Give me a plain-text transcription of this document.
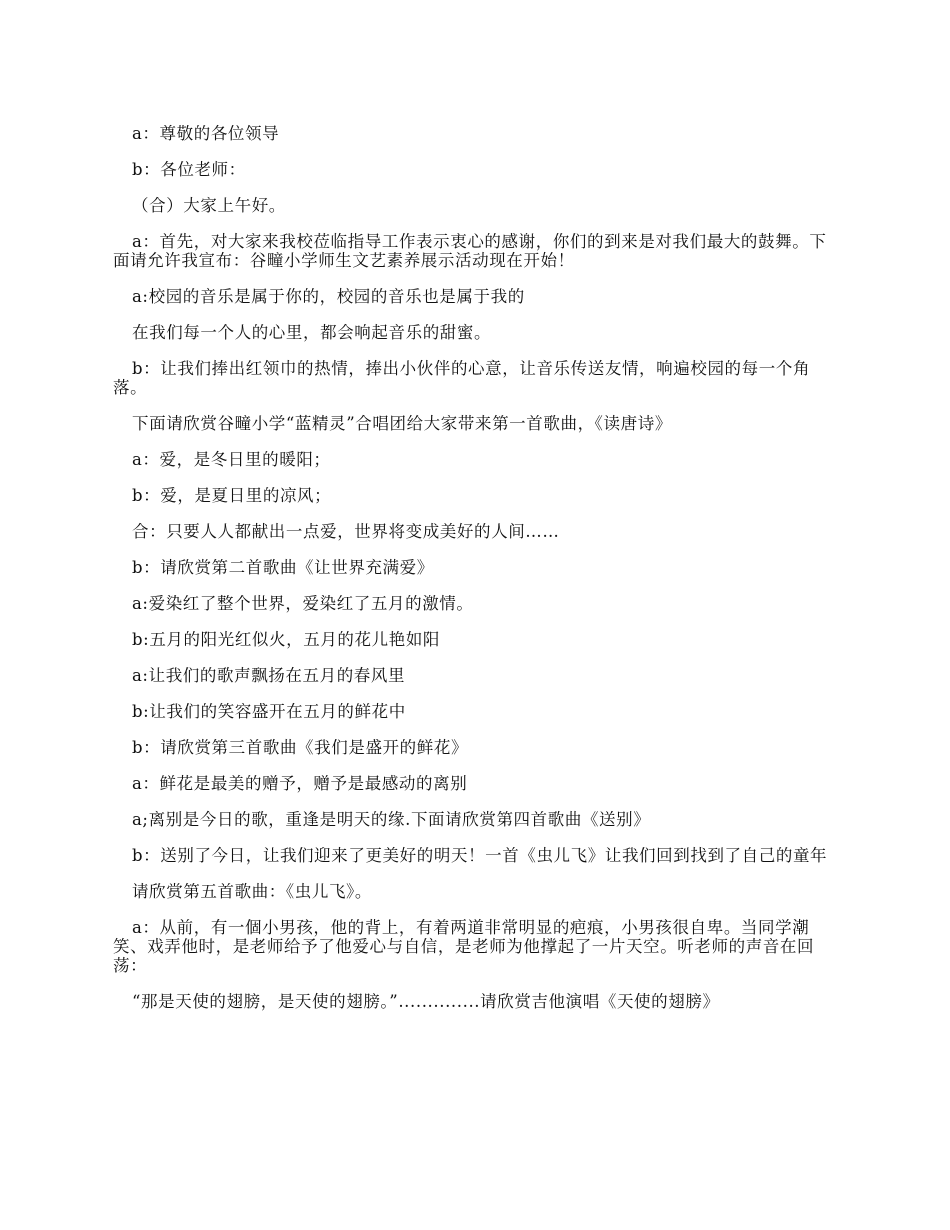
a：尊敬的各位领导

b：各位老师：

（合）大家上午好。

a：首先，对大家来我校莅临指导工作表示衷心的感谢，你们的到来是对我们最大的鼓舞。下面请允许我宣布：谷疃小学师生文艺素养展示活动现在开始！

a:校园的音乐是属于你的，校园的音乐也是属于我的

在我们每一个人的心里，都会响起音乐的甜蜜。

b：让我们捧出红领巾的热情，捧出小伙伴的心意，让音乐传送友情，响遍校园的每一个角落。

下面请欣赏谷疃小学“蓝精灵”合唱团给大家带来第一首歌曲，《读唐诗》

a：爱，是冬日里的暖阳；

b：爱，是夏日里的凉风；

合：只要人人都献出一点爱，世界将变成美好的人间……

b：请欣赏第二首歌曲《让世界充满爱》

a:爱染红了整个世界，爱染红了五月的激情。

b:五月的阳光红似火，五月的花儿艳如阳

a:让我们的歌声飘扬在五月的春风里

b:让我们的笑容盛开在五月的鲜花中

b：请欣赏第三首歌曲《我们是盛开的鲜花》

a：鲜花是最美的赠予，赠予是最感动的离别

a;离别是今日的歌，重逢是明天的缘.下面请欣赏第四首歌曲《送别》

b：送别了今日，让我们迎来了更美好的明天！一首《虫儿飞》让我们回到找到了自己的童年

请欣赏第五首歌曲：《虫儿飞》。

a：从前，有一個小男孩，他的背上，有着两道非常明显的疤痕，小男孩很自卑。当同学潮笑、戏弄他时，是老师给予了他爱心与自信，是老师为他撑起了一片天空。听老师的声音在回荡：

“那是天使的翅膀，是天使的翅膀。”..............请欣赏吉他演唱《天使的翅膀》
